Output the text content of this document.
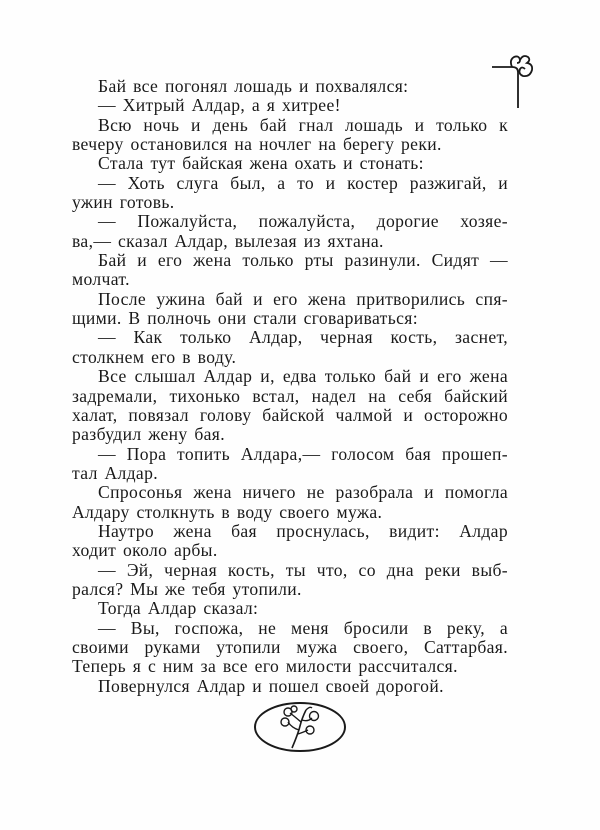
Бай все погонял лошадь и похвалялся:
— Хитрый Алдар, а я хитрее!
Всю ночь и день бай гнал лошадь и только к
вечеру остановился на ночлег на берегу реки.
Стала тут байская жена охать и стонать:
— Хоть слуга был, а то и костер разжигай, и
ужин готовь.
— Пожалуйста, пожалуйста, дорогие хозяе-
ва,— сказал Алдар, вылезая из яхтана.
Бай и его жена только рты разинули. Сидят —
молчат.
После ужина бай и его жена притворились спя-
щими. В полночь они стали сговариваться:
— Как только Алдар, черная кость, заснет,
столкнем его в воду.
Все слышал Алдар и, едва только бай и его жена
задремали, тихонько встал, надел на себя байский
халат, повязал голову байской чалмой и осторожно
разбудил жену бая.
— Пора топить Алдара,— голосом бая прошеп-
тал Алдар.
Спросонья жена ничего не разобрала и помогла
Алдару столкнуть в воду своего мужа.
Наутро жена бая проснулась, видит: Алдар
ходит около арбы.
— Эй, черная кость, ты что, со дна реки выб-
рался? Мы же тебя утопили.
Тогда Алдар сказал:
— Вы, госпожа, не меня бросили в реку, а
своими руками утопили мужа своего, Саттарбая.
Теперь я с ним за все его милости рассчитался.
Повернулся Алдар и пошел своей дорогой.
